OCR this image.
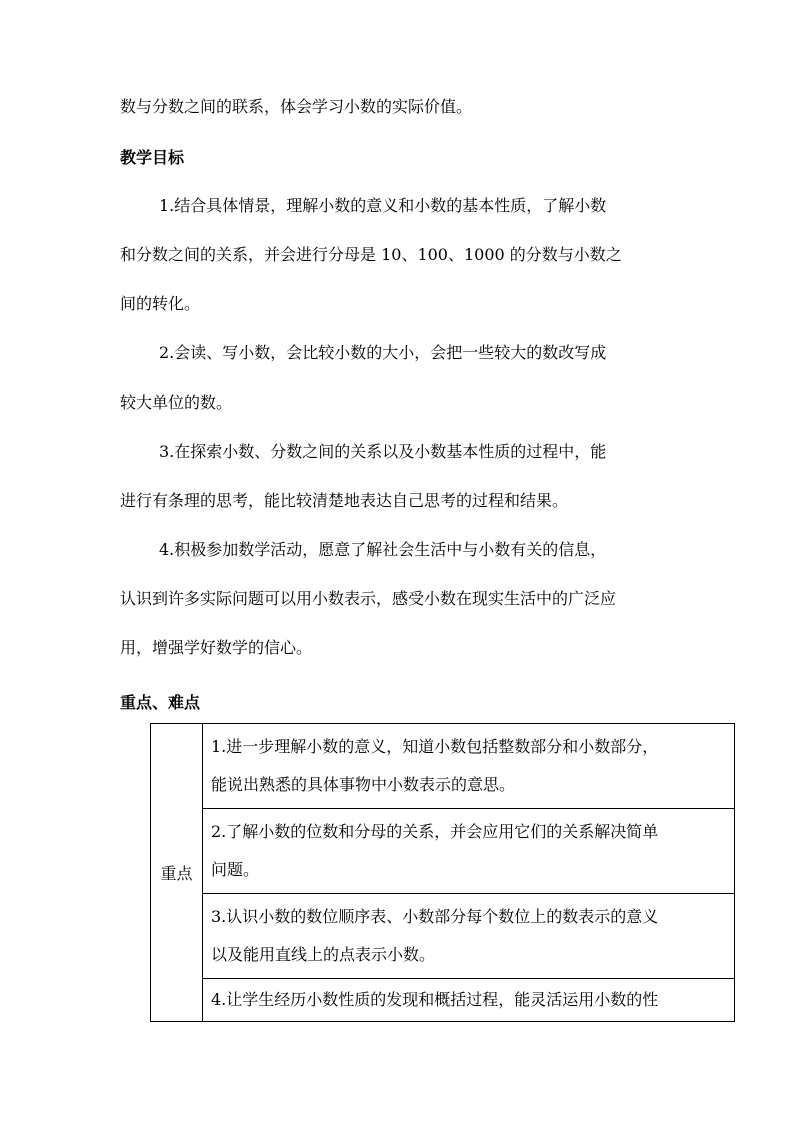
数与分数之间的联系，体会学习小数的实际价值。
教学目标
1.结合具体情景，理解小数的意义和小数的基本性质，了解小数
和分数之间的关系，并会进行分母是 10、100、1000 的分数与小数之
间的转化。
2.会读、写小数，会比较小数的大小，会把一些较大的数改写成
较大单位的数。
3.在探索小数、分数之间的关系以及小数基本性质的过程中，能
进行有条理的思考，能比较清楚地表达自己思考的过程和结果。
4.积极参加数学活动，愿意了解社会生活中与小数有关的信息，
认识到许多实际问题可以用小数表示，感受小数在现实生活中的广泛应
用，增强学好数学的信心。
重点、难点
重点	
1.进一步理解小数的意义，知道小数包括整数部分和小数部分，
能说出熟悉的具体事物中小数表示的意思。

2.了解小数的位数和分母的关系，并会应用它们的关系解决简单
问题。

3.认识小数的数位顺序表、小数部分每个数位上的数表示的意义
以及能用直线上的点表示小数。

4.让学生经历小数性质的发现和概括过程，能灵活运用小数的性
